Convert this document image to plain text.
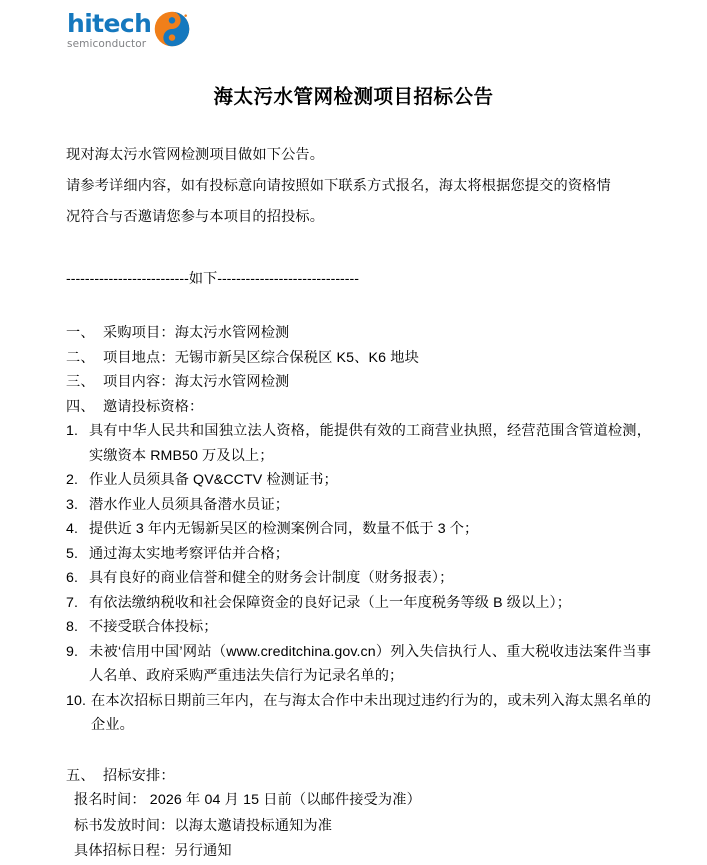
hitech
semiconductor
海太污水管网检测项目招标公告
现对海太污水管网检测项目做如下公告。
请参考详细内容，如有投标意向请按照如下联系方式报名，海太将根据您提交的资格情
况符合与否邀请您参与本项目的招投标。
--------------------------如下------------------------------
一、 采购项目：海太污水管网检测
二、 项目地点：无锡市新吴区综合保税区 K5、K6 地块
三、 项目内容：海太污水管网检测
四、 邀请投标资格：
1. 具有中华人民共和国独立法人资格，能提供有效的工商营业执照，经营范围含管道检测，实缴资本 RMB50 万及以上；
2. 作业人员须具备 QV&CCTV 检测证书；
3. 潜水作业人员须具备潜水员证；
4. 提供近 3 年内无锡新吴区的检测案例合同，数量不低于 3 个；
5. 通过海太实地考察评估并合格；
6. 具有良好的商业信誉和健全的财务会计制度（财务报表）；
7. 有依法缴纳税收和社会保障资金的良好记录（上一年度税务等级 B 级以上）；
8. 不接受联合体投标；
9. 未被‘信用中国’网站（www.creditchina.gov.cn）列入失信执行人、重大税收违法案件当事人名单、政府采购严重违法失信行为记录名单的；
10. 在本次招标日期前三年内，在与海太合作中未出现过违约行为的，或未列入海太黑名单的企业。
五、 招标安排：
报名时间： 2026 年 04 月 15 日前（以邮件接受为准）
标书发放时间：以海太邀请投标通知为准
具体招标日程：另行通知
